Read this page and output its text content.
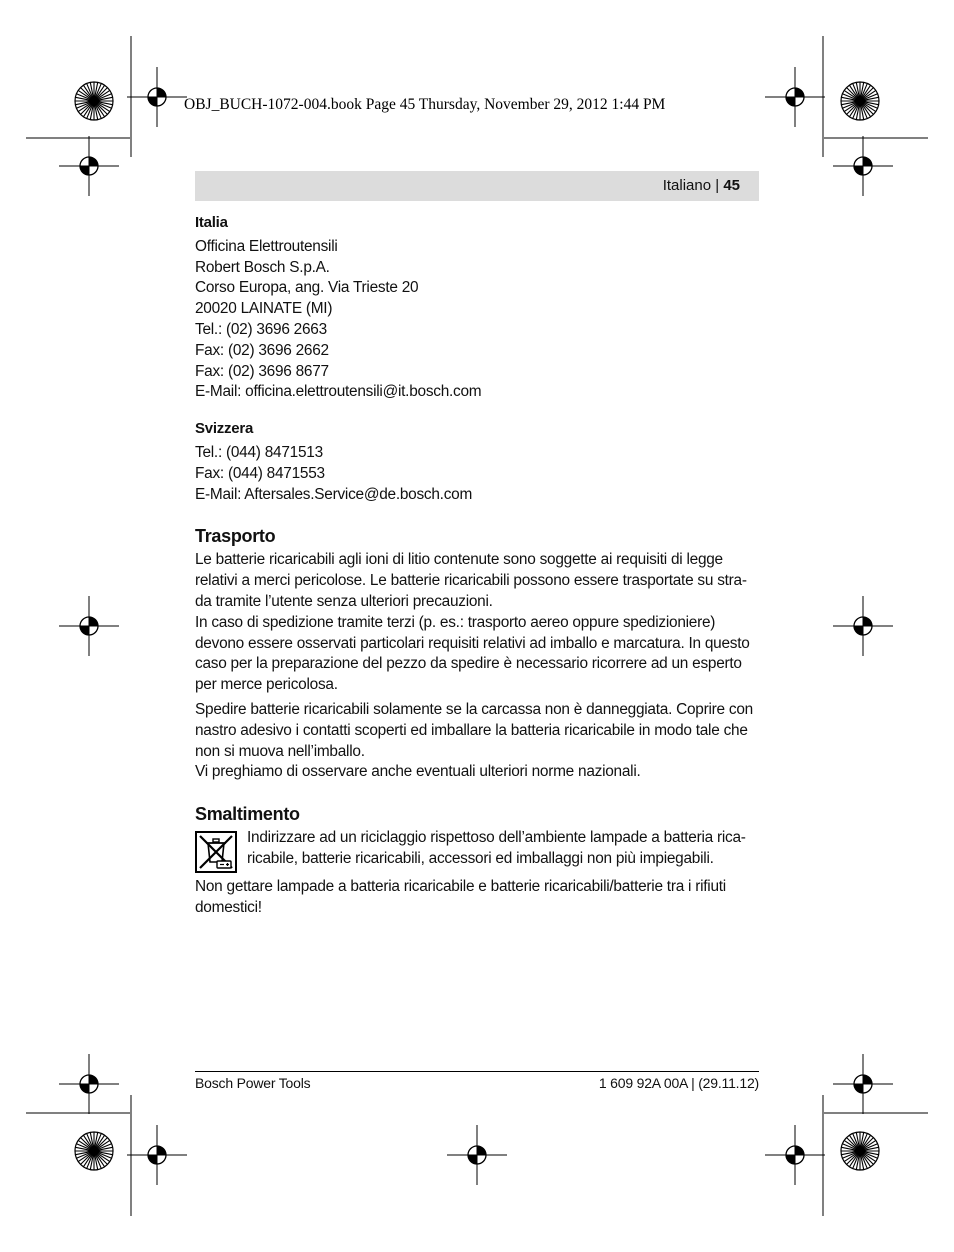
OBJ_BUCH-1072-004.book Page 45 Thursday, November 29, 2012 1:44 PM
Italiano | 45

Italia

Officina Elettroutensili
Robert Bosch S.p.A.
Corso Europa, ang. Via Trieste 20
20020 LAINATE (MI)
Tel.: (02) 3696 2663
Fax: (02) 3696 2662
Fax: (02) 3696 8677
E-Mail: officina.elettroutensili@it.bosch.com

Svizzera

Tel.: (044) 8471513
Fax: (044) 8471553
E-Mail: Aftersales.Service@de.bosch.com

Trasporto

Le batterie ricaricabili agli ioni di litio contenute sono soggette ai requisiti di legge
relativi a merci pericolose. Le batterie ricaricabili possono essere trasportate su stra-
da tramite l’utente senza ulteriori precauzioni.
In caso di spedizione tramite terzi (p. es.: trasporto aereo oppure spedizioniere)
devono essere osservati particolari requisiti relativi ad imballo e marcatura. In questo
caso per la preparazione del pezzo da spedire è necessario ricorrere ad un esperto
per merce pericolosa.
Spedire batterie ricaricabili solamente se la carcassa non è danneggiata. Coprire con
nastro adesivo i contatti scoperti ed imballare la batteria ricaricabile in modo tale che
non si muova nell’imballo.
Vi preghiamo di osservare anche eventuali ulteriori norme nazionali.

Smaltimento

Indirizzare ad un riciclaggio rispettoso dell’ambiente lampade a batteria rica-
ricabile, batterie ricaricabili, accessori ed imballaggi non più impiegabili.
Non gettare lampade a batteria ricaricabile e batterie ricaricabili/batterie tra i rifiuti
domestici!
Bosch Power Tools	1 609 92A 00A | (29.11.12)
